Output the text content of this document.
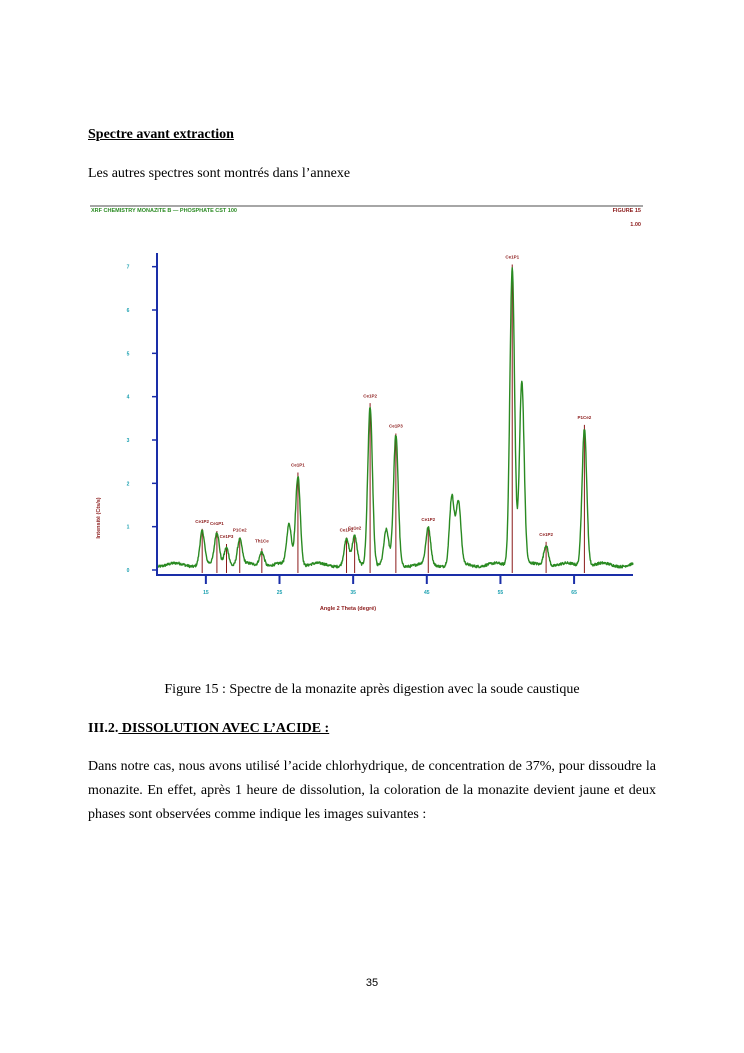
Spectre avant extraction
Les autres spectres sont montrés dans l’annexe
XRF CHEMISTRY MONAZITE B — PHOSPHATE CST 100	FIGURE 15
1.00
Ce1P2 Ce1P1
Ce1P3
P1Ce2
Th1Ce
Ce1P1
Ce1P2
Ce1e2
Ce1P2
Ce1P3
Ce1P2
Ce1P1
Ce1P2
P1Ce2
0
1
2
3
4
5
6
7
15	25	35	45	55	65
Intensité (Cts/s)
Angle 2 Theta (degré)
Figure 15 : Spectre de la monazite après digestion avec la soude caustique
III.2. DISSOLUTION AVEC L’ACIDE :
Dans notre cas, nous avons utilisé l’acide chlorhydrique, de concentration de 37%, pour dissoudre la monazite. En effet, après 1 heure de dissolution, la coloration de la monazite devient jaune et deux phases sont observées comme indique les images suivantes :
35
